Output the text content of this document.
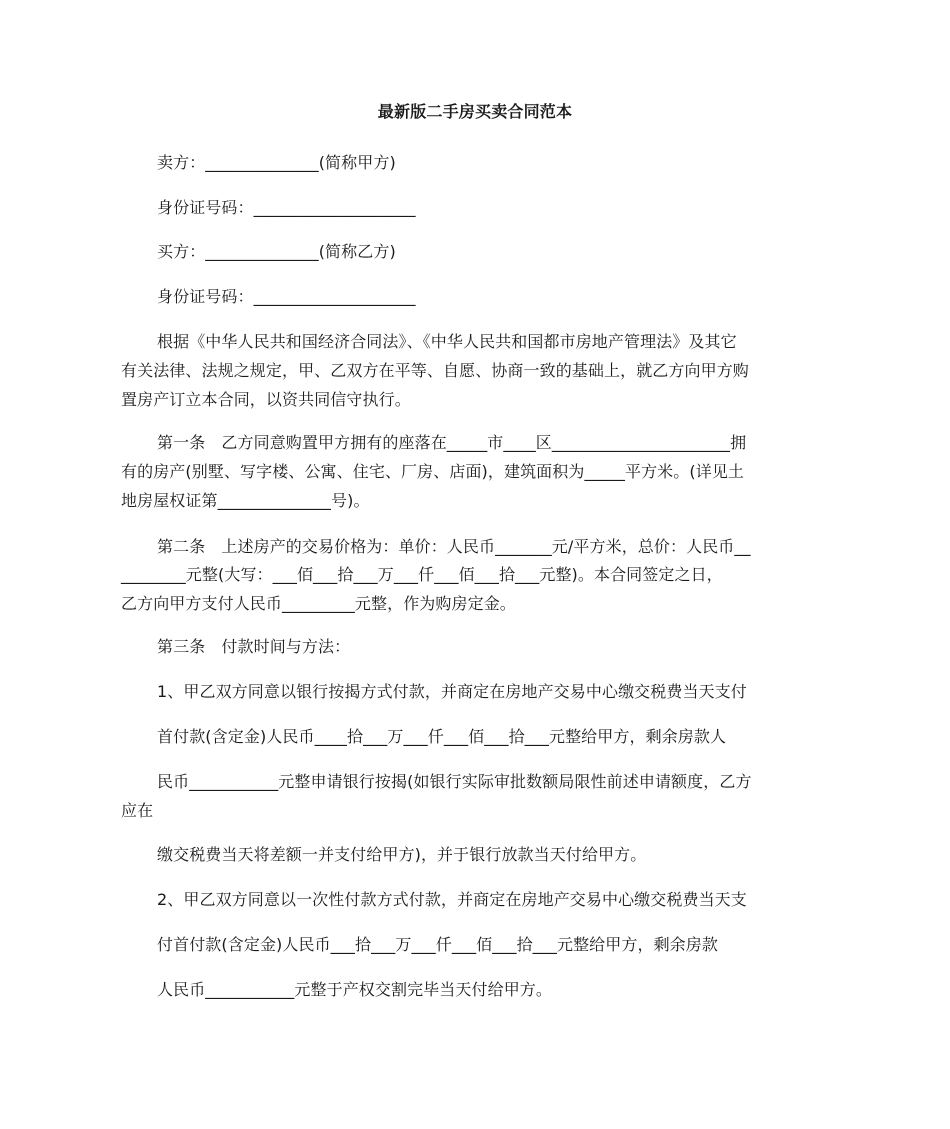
最新版二手房买卖合同范本
卖方：______________(简称甲方)
身份证号码：____________________
买方：______________(简称乙方)
身份证号码：____________________
根据《中华人民共和国经济合同法》、《中华人民共和国都市房地产管理法》及其它
有关法律、法规之规定，甲、乙双方在平等、自愿、协商一致的基础上，就乙方向甲方购
置房产订立本合同，以资共同信守执行。
第一条　乙方同意购置甲方拥有的座落在_____市____区______________________拥
有的房产(别墅、写字楼、公寓、住宅、厂房、店面)，建筑面积为_____平方米。(详见土
地房屋权证第______________号)。
第二条　上述房产的交易价格为：单价：人民币_______元/平方米，总价：人民币__
________元整(大写：___佰___拾___万___仟___佰___拾___元整)。本合同签定之日，
乙方向甲方支付人民币_________元整，作为购房定金。
第三条　付款时间与方法：
1、甲乙双方同意以银行按揭方式付款，并商定在房地产交易中心缴交税费当天支付
首付款(含定金)人民币____拾___万___仟___佰___拾___元整给甲方，剩余房款人
民币___________元整申请银行按揭(如银行实际审批数额局限性前述申请额度，乙方
应在
缴交税费当天将差额一并支付给甲方)，并于银行放款当天付给甲方。
2、甲乙双方同意以一次性付款方式付款，并商定在房地产交易中心缴交税费当天支
付首付款(含定金)人民币___拾___万___仟___佰___拾___元整给甲方，剩余房款
人民币___________元整于产权交割完毕当天付给甲方。
